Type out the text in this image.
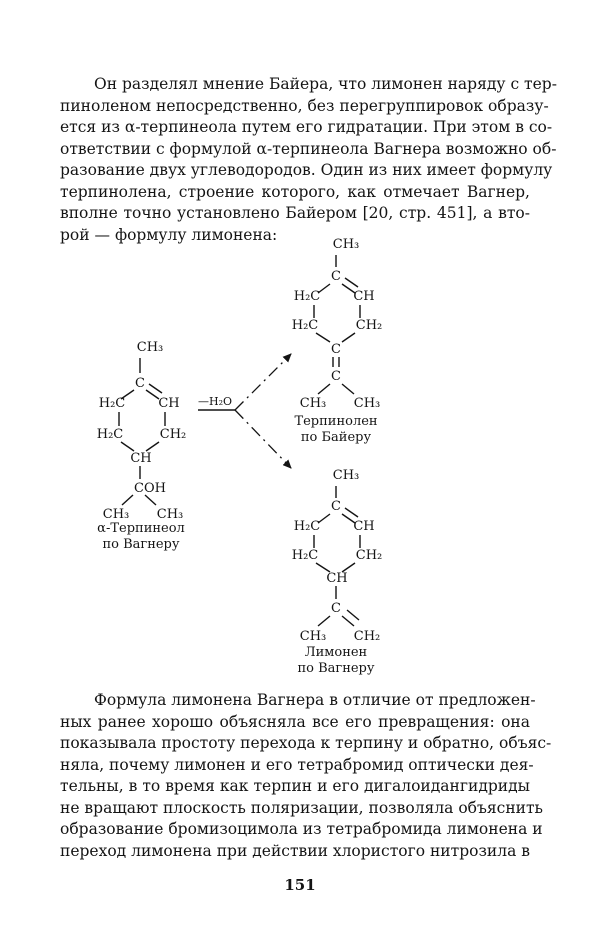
Он разделял мнение Байера, что лимонен наряду с тер-
пиноленом непосредственно, без перегруппировок образу-
ется из α-терпинеола путем его гидратации. При этом в со-
ответствии с формулой α-терпинеола Вагнера возможно об-
разование двух углеводородов. Один из них имеет формулу
терпинолена, строение которого, как отмечает Вагнер,
вполне точно установлено Байером [20, стр. 451], а вто-
рой — формулу лимонена:

CH₃
C
H₂C	CH
H₂C	CH₂
CH
COH
CH₃ CH₃
—H₂O
CH₃
C
H₂C	CH
H₂C	CH₂
C
C
CH₃ CH₃
CH₃
C
H₂C	CH
H₂C	CH₂
CH
C
CH₃ CH₂
Терпинолен
по Байеру
α-Терпинеол
по Вагнеру
Лимонен
по Вагнеру

Формула лимонена Вагнера в отличие от предложен-
ных ранее хорошо объясняла все его превращения: она
показывала простоту перехода к терпину и обратно, объяс-
няла, почему лимонен и его тетрабромид оптически дея-
тельны, в то время как терпин и его дигалоидангидриды
не вращают плоскость поляризации, позволяла объяснить
образование бромизоцимола из тетрабромида лимонена и
переход лимонена при действии хлористого нитрозила в

151
